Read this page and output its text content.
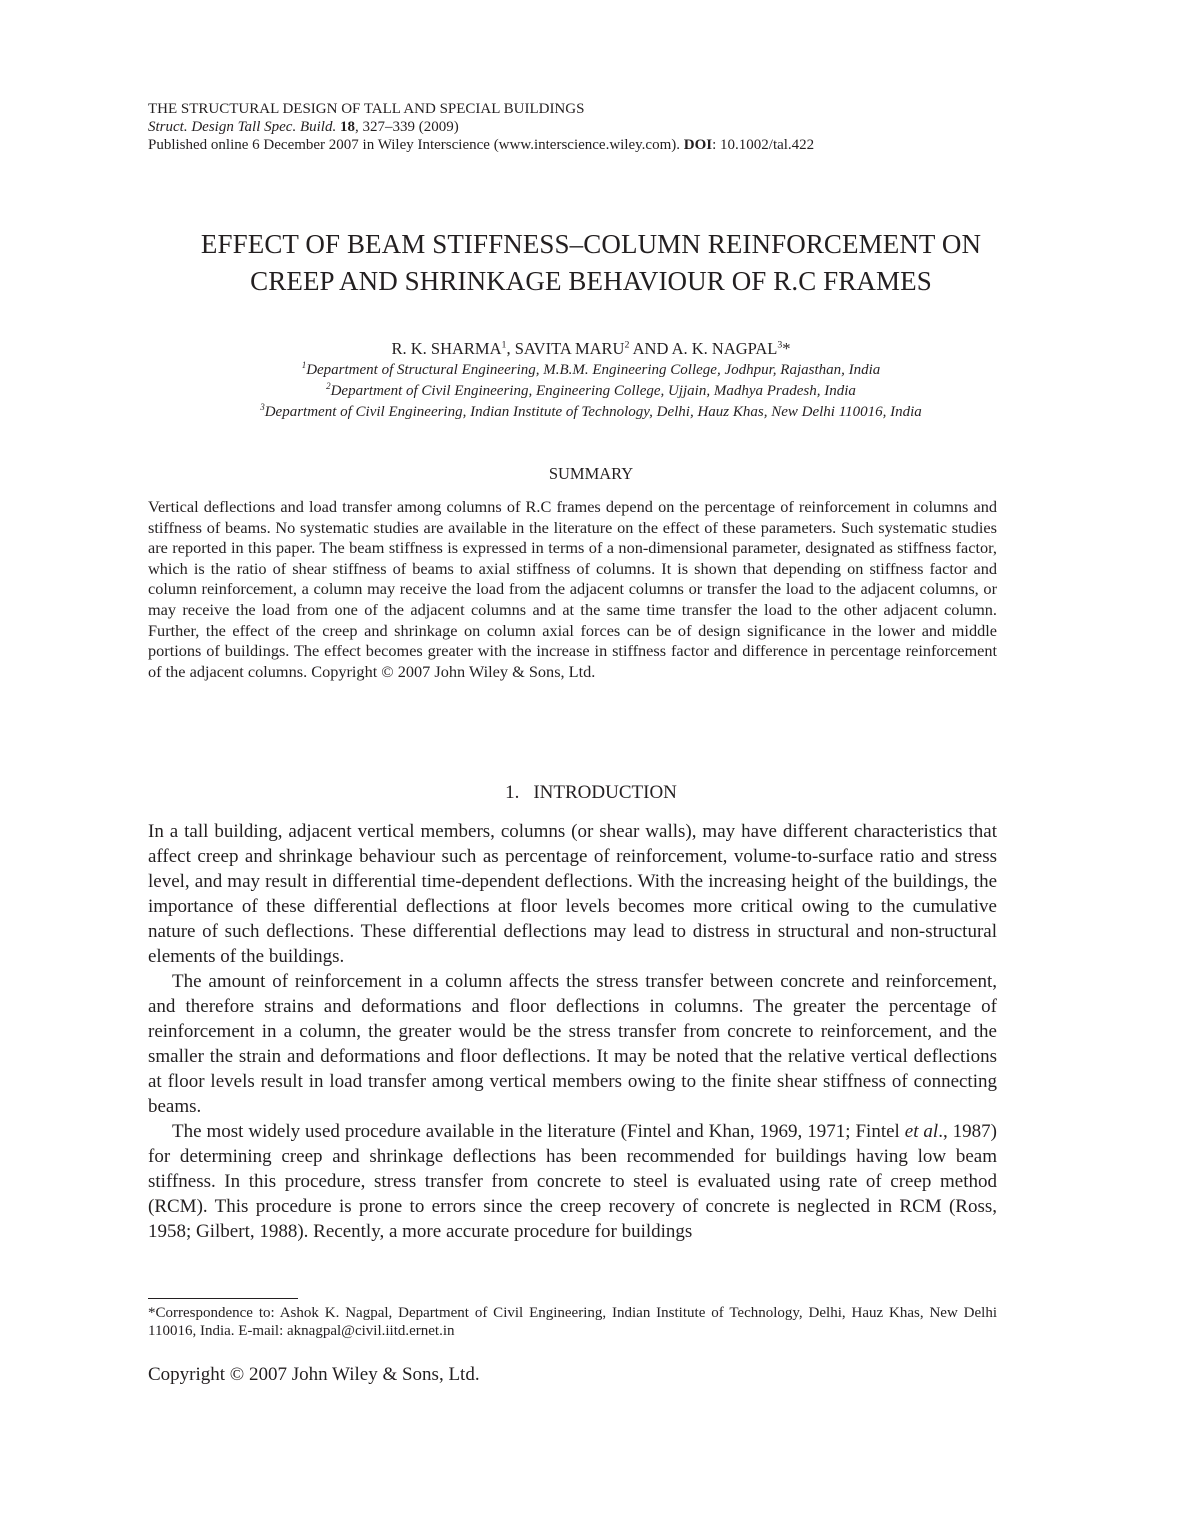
THE STRUCTURAL DESIGN OF TALL AND SPECIAL BUILDINGS
Struct. Design Tall Spec. Build. 18, 327–339 (2009)
Published online 6 December 2007 in Wiley Interscience (www.interscience.wiley.com). DOI: 10.1002/tal.422
EFFECT OF BEAM STIFFNESS–COLUMN REINFORCEMENT ON
CREEP AND SHRINKAGE BEHAVIOUR OF R.C FRAMES
R. K. SHARMA$^1$, SAVITA MARU$^2$ AND A. K. NAGPAL$^3$*
$^1$Department of Structural Engineering, M.B.M. Engineering College, Jodhpur, Rajasthan, India
$^2$Department of Civil Engineering, Engineering College, Ujjain, Madhya Pradesh, India
$^3$Department of Civil Engineering, Indian Institute of Technology, Delhi, Hauz Khas, New Delhi 110016, India
SUMMARY
Vertical deflections and load transfer among columns of R.C frames depend on the percentage of reinforcement in columns and stiffness of beams. No systematic studies are available in the literature on the effect of these parameters. Such systematic studies are reported in this paper. The beam stiffness is expressed in terms of a non-dimensional parameter, designated as stiffness factor, which is the ratio of shear stiffness of beams to axial stiffness of columns. It is shown that depending on stiffness factor and column reinforcement, a column may receive the load from the adjacent columns or transfer the load to the adjacent columns, or may receive the load from one of the adjacent columns and at the same time transfer the load to the other adjacent column. Further, the effect of the creep and shrinkage on column axial forces can be of design significance in the lower and middle portions of buildings. The effect becomes greater with the increase in stiffness factor and difference in percentage reinforcement of the adjacent columns. Copyright © 2007 John Wiley & Sons, Ltd.
1. INTRODUCTION

In a tall building, adjacent vertical members, columns (or shear walls), may have different characteristics that affect creep and shrinkage behaviour such as percentage of reinforcement, volume-to-surface ratio and stress level, and may result in differential time-dependent deflections. With the increasing height of the buildings, the importance of these differential deflections at floor levels becomes more critical owing to the cumulative nature of such deflections. These differential deflections may lead to distress in structural and non-structural elements of the buildings.

The amount of reinforcement in a column affects the stress transfer between concrete and reinforcement, and therefore strains and deformations and floor deflections in columns. The greater the percentage of reinforcement in a column, the greater would be the stress transfer from concrete to reinforcement, and the smaller the strain and deformations and floor deflections. It may be noted that the relative vertical deflections at floor levels result in load transfer among vertical members owing to the finite shear stiffness of connecting beams.

The most widely used procedure available in the literature (Fintel and Khan, 1969, 1971; Fintel et al., 1987) for determining creep and shrinkage deflections has been recommended for buildings having low beam stiffness. In this procedure, stress transfer from concrete to steel is evaluated using rate of creep method (RCM). This procedure is prone to errors since the creep recovery of concrete is neglected in RCM (Ross, 1958; Gilbert, 1988). Recently, a more accurate procedure for buildings

*Correspondence to: Ashok K. Nagpal, Department of Civil Engineering, Indian Institute of Technology, Delhi, Hauz Khas, New Delhi 110016, India. E-mail: aknagpal@civil.iitd.ernet.in
Copyright © 2007 John Wiley & Sons, Ltd.
